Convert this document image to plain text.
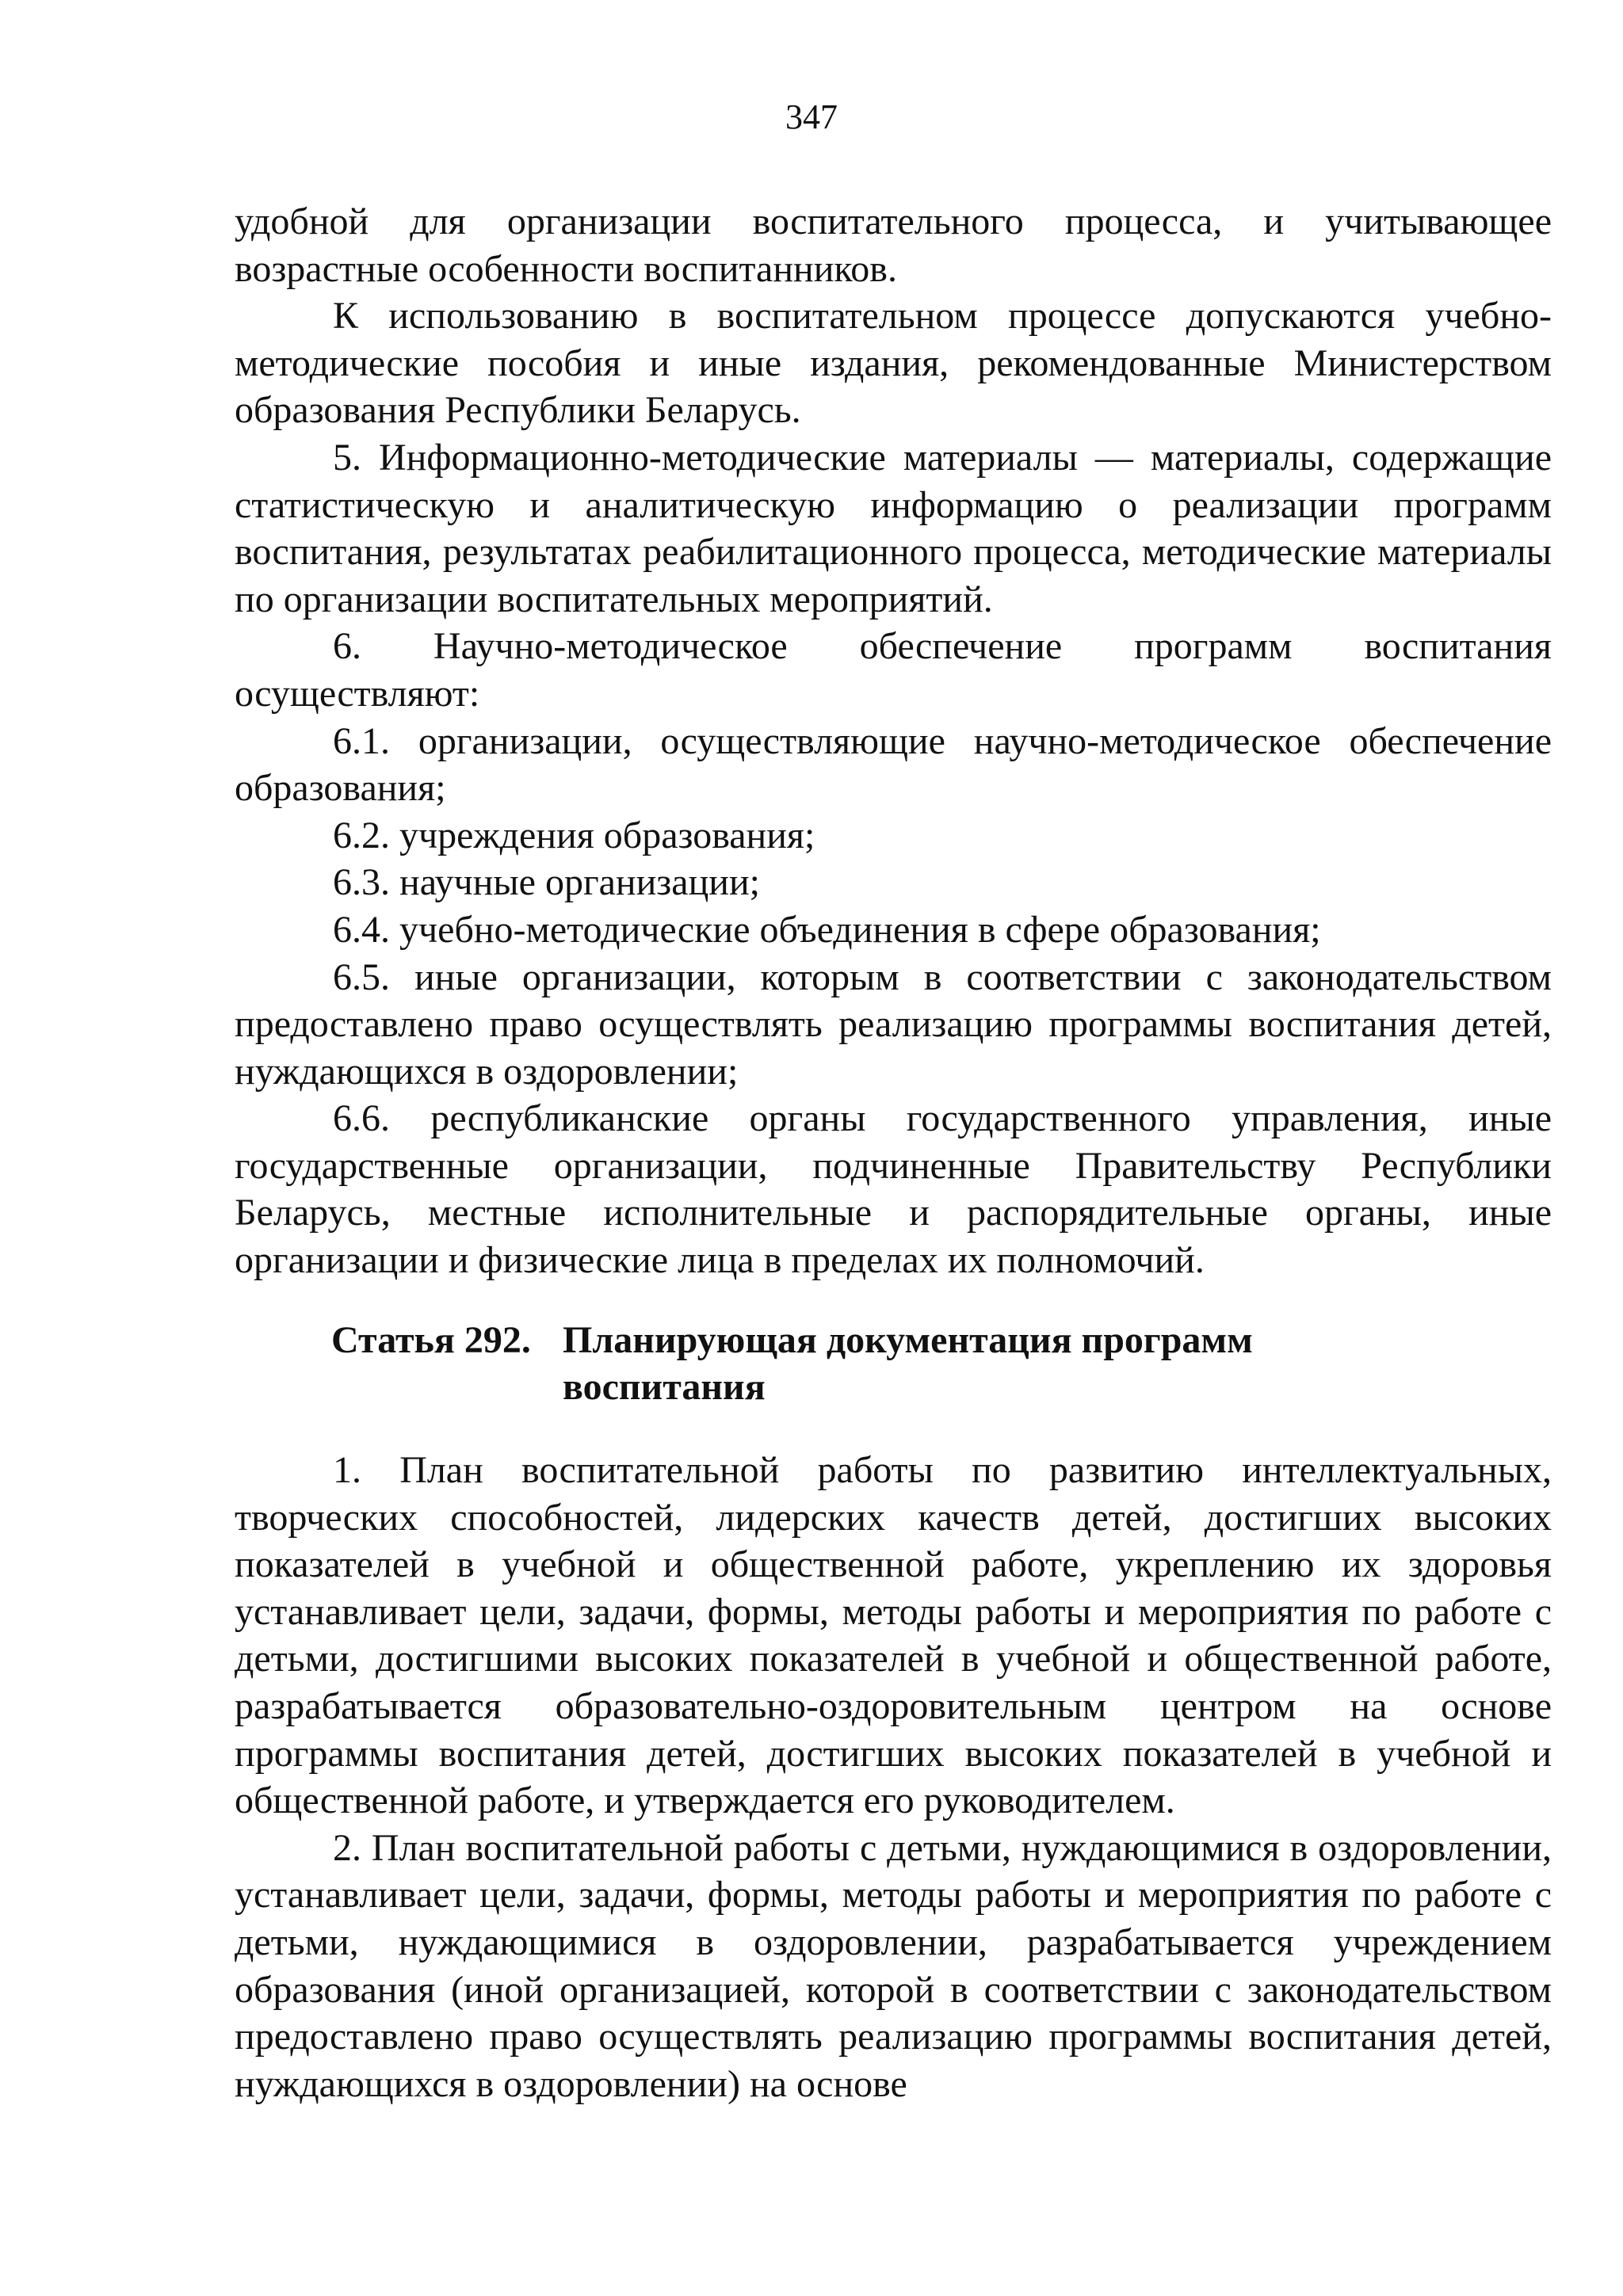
347

удобной для организации воспитательного процесса, и учитывающее возрастные особенности воспитанников.

К использованию в воспитательном процессе допускаются учебно-методические пособия и иные издания, рекомендованные Министерством образования Республики Беларусь.

5. Информационно-методические материалы — материалы, содержащие статистическую и аналитическую информацию о реализации программ воспитания, результатах реабилитационного процесса, методические материалы по организации воспитательных мероприятий.

6. Научно-методическое обеспечение программ воспитания осуществляют:

6.1. организации, осуществляющие научно-методическое обеспечение образования;

6.2. учреждения образования;

6.3. научные организации;

6.4. учебно-методические объединения в сфере образования;

6.5. иные организации, которым в соответствии с законодательством предоставлено право осуществлять реализацию программы воспитания детей, нуждающихся в оздоровлении;

6.6. республиканские органы государственного управления, иные государственные организации, подчиненные Правительству Республики Беларусь, местные исполнительные и распорядительные органы, иные организации и физические лица в пределах их полномочий.

Статья 292. Планирующая документация программ
воспитания

1. План воспитательной работы по развитию интеллектуальных, творческих способностей, лидерских качеств детей, достигших высоких показателей в учебной и общественной работе, укреплению их здоровья устанавливает цели, задачи, формы, методы работы и мероприятия по работе с детьми, достигшими высоких показателей в учебной и общественной работе, разрабатывается образовательно-оздоровительным центром на основе программы воспитания детей, достигших высоких показателей в учебной и общественной работе, и утверждается его руководителем.

2. План воспитательной работы с детьми, нуждающимися в оздоровлении, устанавливает цели, задачи, формы, методы работы и мероприятия по работе с детьми, нуждающимися в оздоровлении, разрабатывается учреждением образования (иной организацией, которой в соответствии с законодательством предоставлено право осуществлять реализацию программы воспитания детей, нуждающихся в оздоровлении) на основе
